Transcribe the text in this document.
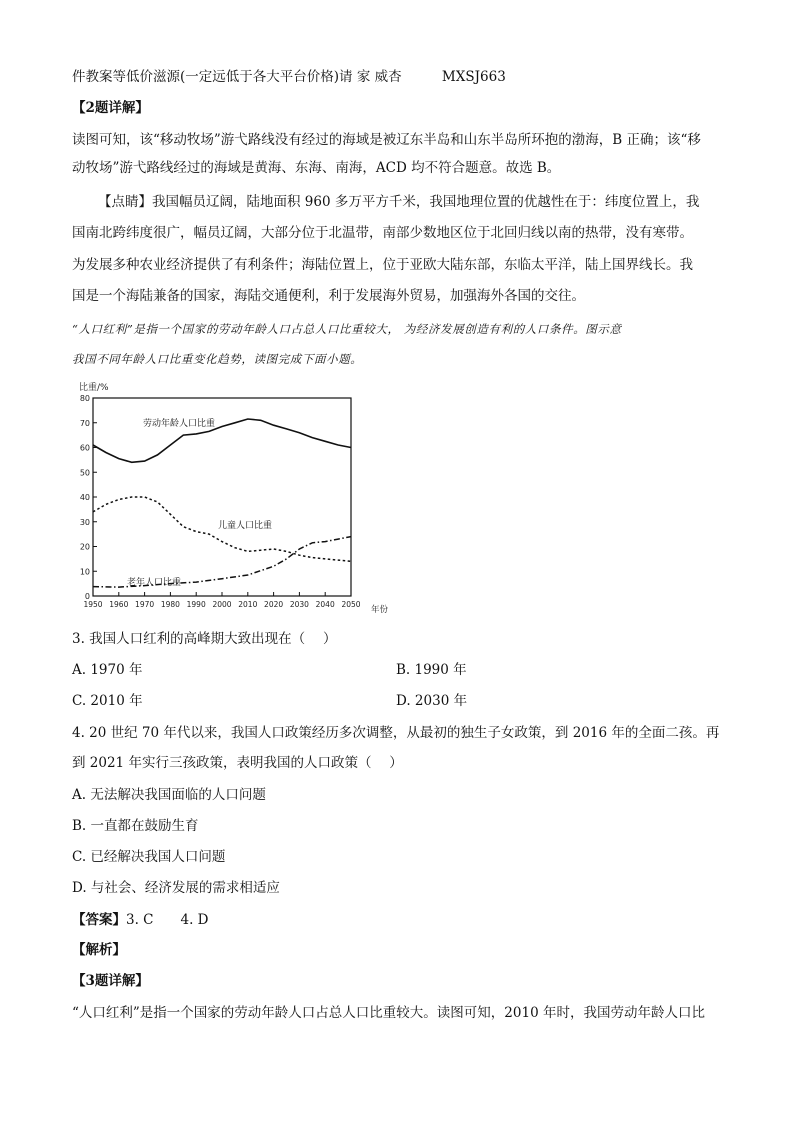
件教案等低价滋源(一定远低于各大平台价格)请 家 威杏	MXSJ663
【2题详解】
读图可知，该“移动牧场”游弋路线没有经过的海域是被辽东半岛和山东半岛所环抱的渤海，B 正确；该“移
动牧场”游弋路线经过的海域是黄海、东海、南海，ACD 均不符合题意。故选 B。
【点睛】我国幅员辽阔，陆地面积 960 多万平方千米，我国地理位置的优越性在于：纬度位置上，我
国南北跨纬度很广，幅员辽阔，大部分位于北温带，南部少数地区位于北回归线以南的热带，没有寒带。
为发展多种农业经济提供了有利条件；海陆位置上，位于亚欧大陆东部，东临太平洋，陆上国界线长。我
国是一个海陆兼备的国家，海陆交通便利，利于发展海外贸易，加强海外各国的交往。
“人口红利”是指一个国家的劳动年龄人口占总人口比重较大， 为经济发展创造有利的人口条件。图示意
我国不同年龄人口比重变化趋势，读图完成下面小题。
0
10
20
30
40
50
60
70
80
1950 1960 1970 1980 1990 2000 2010 2020 2030 2040 2050
比重/%
年份
劳动年龄人口比重
儿童人口比重
老年人口比重
3. 我国人口红利的高峰期大致出现在（　 ）
A. 1970 年	B. 1990 年
C. 2010 年	D. 2030 年
4. 20 世纪 70 年代以来，我国人口政策经历多次调整，从最初的独生子女政策，到 2016 年的全面二孩。再
到 2021 年实行三孩政策，表明我国的人口政策（　 ）
A. 无法解决我国面临的人口问题
B. 一直都在鼓励生育
C. 已经解决我国人口问题
D. 与社会、经济发展的需求相适应
【答案】3. C　　4. D
【解析】
【3题详解】
“人口红利”是指一个国家的劳动年龄人口占总人口比重较大。读图可知，2010 年时，我国劳动年龄人口比
